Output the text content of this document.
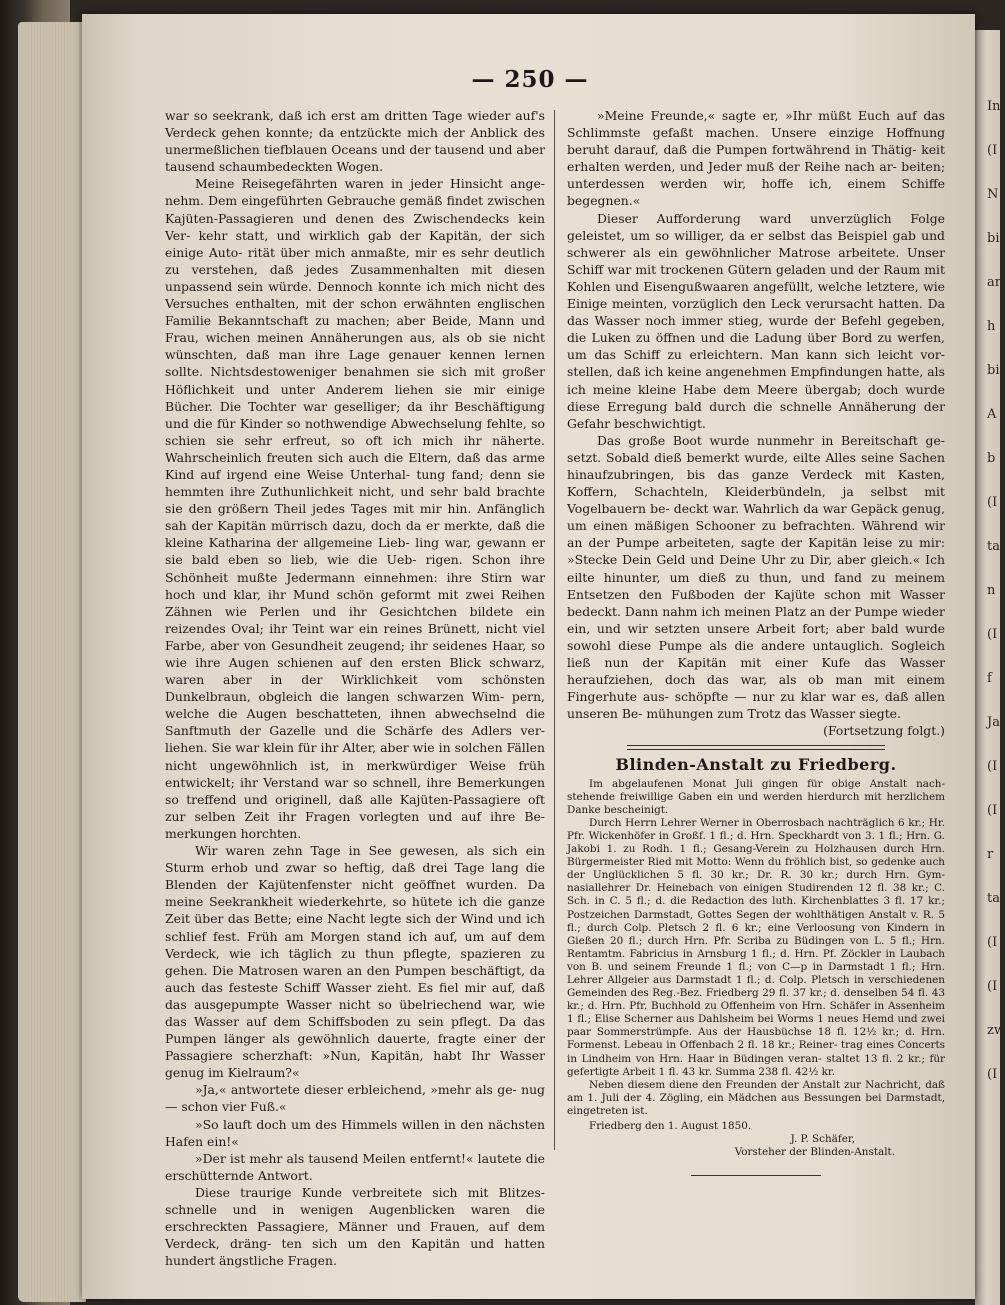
In
(I
N
bi
ar
h
bi
A
b
(I
ta
n
(I
f
Ja
(I
(I
r
ta
(I
(I
zw
(I

— 250 —

war so seekrank, daß ich erst am dritten Tage wieder auf's Verdeck gehen konnte; da entzückte mich der Anblick des unermeßlichen tiefblauen Oceans und der tausend und aber tausend schaumbedeckten Wogen.

Meine Reisegefährten waren in jeder Hinsicht ange- nehm. Dem eingeführten Gebrauche gemäß findet zwischen Kajüten-Passagieren und denen des Zwischendecks kein Ver- kehr statt, und wirklich gab der Kapitän, der sich einige Auto- rität über mich anmaßte, mir es sehr deutlich zu verstehen, daß jedes Zusammenhalten mit diesen unpassend sein würde. Dennoch konnte ich mich nicht des Versuches enthalten, mit der schon erwähnten englischen Familie Bekanntschaft zu machen; aber Beide, Mann und Frau, wichen meinen Annäherungen aus, als ob sie nicht wünschten, daß man ihre Lage genauer kennen lernen sollte. Nichtsdestoweniger benahmen sie sich mit großer Höflichkeit und unter Anderem liehen sie mir einige Bücher. Die Tochter war geselliger; da ihr Beschäftigung und die für Kinder so nothwendige Abwechselung fehlte, so schien sie sehr erfreut, so oft ich mich ihr näherte. Wahrscheinlich freuten sich auch die Eltern, daß das arme Kind auf irgend eine Weise Unterhal- tung fand; denn sie hemmten ihre Zuthunlichkeit nicht, und sehr bald brachte sie den größern Theil jedes Tages mit mir hin. Anfänglich sah der Kapitän mürrisch dazu, doch da er merkte, daß die kleine Katharina der allgemeine Lieb- ling war, gewann er sie bald eben so lieb, wie die Ueb- rigen. Schon ihre Schönheit mußte Jedermann einnehmen: ihre Stirn war hoch und klar, ihr Mund schön geformt mit zwei Reihen Zähnen wie Perlen und ihr Gesichtchen bildete ein reizendes Oval; ihr Teint war ein reines Brünett, nicht viel Farbe, aber von Gesundheit zeugend; ihr seidenes Haar, so wie ihre Augen schienen auf den ersten Blick schwarz, waren aber in der Wirklichkeit vom schönsten Dunkelbraun, obgleich die langen schwarzen Wim- pern, welche die Augen beschatteten, ihnen abwechselnd die Sanftmuth der Gazelle und die Schärfe des Adlers ver- liehen. Sie war klein für ihr Alter, aber wie in solchen Fällen nicht ungewöhnlich ist, in merkwürdiger Weise früh entwickelt; ihr Verstand war so schnell, ihre Bemerkungen so treffend und originell, daß alle Kajüten-Passagiere oft zur selben Zeit ihr Fragen vorlegten und auf ihre Be- merkungen horchten.

Wir waren zehn Tage in See gewesen, als sich ein Sturm erhob und zwar so heftig, daß drei Tage lang die Blenden der Kajütenfenster nicht geöffnet wurden. Da meine Seekrankheit wiederkehrte, so hütete ich die ganze Zeit über das Bette; eine Nacht legte sich der Wind und ich schlief fest. Früh am Morgen stand ich auf, um auf dem Verdeck, wie ich täglich zu thun pflegte, spazieren zu gehen. Die Matrosen waren an den Pumpen beschäftigt, da auch das festeste Schiff Wasser zieht. Es fiel mir auf, daß das ausgepumpte Wasser nicht so übelriechend war, wie das Wasser auf dem Schiffsboden zu sein pflegt. Da das Pumpen länger als gewöhnlich dauerte, fragte einer der Passagiere scherzhaft: »Nun, Kapitän, habt Ihr Wasser genug im Kielraum?«

»Ja,« antwortete dieser erbleichend, »mehr als ge- nug — schon vier Fuß.«

»So lauft doch um des Himmels willen in den nächsten Hafen ein!«

»Der ist mehr als tausend Meilen entfernt!« lautete die erschütternde Antwort.

Diese traurige Kunde verbreitete sich mit Blitzes- schnelle und in wenigen Augenblicken waren die erschreckten Passagiere, Männer und Frauen, auf dem Verdeck, dräng- ten sich um den Kapitän und hatten hundert ängstliche Fragen.

»Meine Freunde,« sagte er, »Ihr müßt Euch auf das Schlimmste gefaßt machen. Unsere einzige Hoffnung beruht darauf, daß die Pumpen fortwährend in Thätig- keit erhalten werden, und Jeder muß der Reihe nach ar- beiten; unterdessen werden wir, hoffe ich, einem Schiffe begegnen.«

Dieser Aufforderung ward unverzüglich Folge geleistet, um so williger, da er selbst das Beispiel gab und schwerer als ein gewöhnlicher Matrose arbeitete. Unser Schiff war mit trockenen Gütern geladen und der Raum mit Kohlen und Eisengußwaaren angefüllt, welche letztere, wie Einige meinten, vorzüglich den Leck verursacht hatten. Da das Wasser noch immer stieg, wurde der Befehl gegeben, die Luken zu öffnen und die Ladung über Bord zu werfen, um das Schiff zu erleichtern. Man kann sich leicht vor- stellen, daß ich keine angenehmen Empfindungen hatte, als ich meine kleine Habe dem Meere übergab; doch wurde diese Erregung bald durch die schnelle Annäherung der Gefahr beschwichtigt.

Das große Boot wurde nunmehr in Bereitschaft ge- setzt. Sobald dieß bemerkt wurde, eilte Alles seine Sachen hinaufzubringen, bis das ganze Verdeck mit Kasten, Koffern, Schachteln, Kleiderbündeln, ja selbst mit Vogelbauern be- deckt war. Wahrlich da war Gepäck genug, um einen mäßigen Schooner zu befrachten. Während wir an der Pumpe arbeiteten, sagte der Kapitän leise zu mir: »Stecke Dein Geld und Deine Uhr zu Dir, aber gleich.« Ich eilte hinunter, um dieß zu thun, und fand zu meinem Entsetzen den Fußboden der Kajüte schon mit Wasser bedeckt. Dann nahm ich meinen Platz an der Pumpe wieder ein, und wir setzten unsere Arbeit fort; aber bald wurde sowohl diese Pumpe als die andere untauglich. Sogleich ließ nun der Kapitän mit einer Kufe das Wasser heraufziehen, doch das war, als ob man mit einem Fingerhute aus- schöpfte — nur zu klar war es, daß allen unseren Be- mühungen zum Trotz das Wasser siegte.

(Fortsetzung folgt.)

Blinden-Anstalt zu Friedberg.

Im abgelaufenen Monat Juli gingen für obige Anstalt nach- stehende freiwillige Gaben ein und werden hierdurch mit herzlichem Danke bescheinigt.

Durch Herrn Lehrer Werner in Oberrosbach nachträglich 6 kr.; Hr. Pfr. Wickenhöfer in Großf. 1 fl.; d. Hrn. Speckhardt von 3. 1 fl.; Hrn. G. Jakobi 1. zu Rodh. 1 fl.; Gesang-Verein zu Holzhausen durch Hrn. Bürgermeister Ried mit Motto: Wenn du fröhlich bist, so gedenke auch der Unglücklichen 5 fl. 30 kr.; Dr. R. 30 kr.; durch Hrn. Gym- nasiallehrer Dr. Heinebach von einigen Studirenden 12 fl. 38 kr.; C. Sch. in C. 5 fl.; d. die Redaction des luth. Kirchenblattes 3 fl. 17 kr.; Postzeichen Darmstadt, Gottes Segen der wohlthätigen Anstalt v. R. 5 fl.; durch Colp. Pletsch 2 fl. 6 kr.; eine Verloosung von Kindern in Gießen 20 fl.; durch Hrn. Pfr. Scriba zu Büdingen von L. 5 fl.; Hrn. Rentamtm. Fabricius in Arnsburg 1 fl.; d. Hrn. Pf. Zöckler in Laubach von B. und seinem Freunde 1 fl.; von C—p in Darmstadt 1 fl.; Hrn. Lehrer Allgeier aus Darmstadt 1 fl.; d. Colp. Pletsch in verschiedenen Gemeinden des Reg.-Bez. Friedberg 29 fl. 37 kr.; d. denselben 54 fl. 43 kr.; d. Hrn. Pfr. Buchhold zu Offenheim von Hrn. Schäfer in Assenheim 1 fl.; Elise Scherner aus Dahlsheim bei Worms 1 neues Hemd und zwei paar Sommerstrümpfe. Aus der Hausbüchse 18 fl. 12½ kr.; d. Hrn. Formenst. Lebeau in Offenbach 2 fl. 18 kr.; Reiner- trag eines Concerts in Lindheim von Hrn. Haar in Büdingen veran- staltet 13 fl. 2 kr.; für gefertigte Arbeit 1 fl. 43 kr. Summa 238 fl. 42½ kr.

Neben diesem diene den Freunden der Anstalt zur Nachricht, daß am 1. Juli der 4. Zögling, ein Mädchen aus Bessungen bei Darmstadt, eingetreten ist.

Friedberg den 1. August 1850.

J. P. Schäfer,

Vorsteher der Blinden-Anstalt.
